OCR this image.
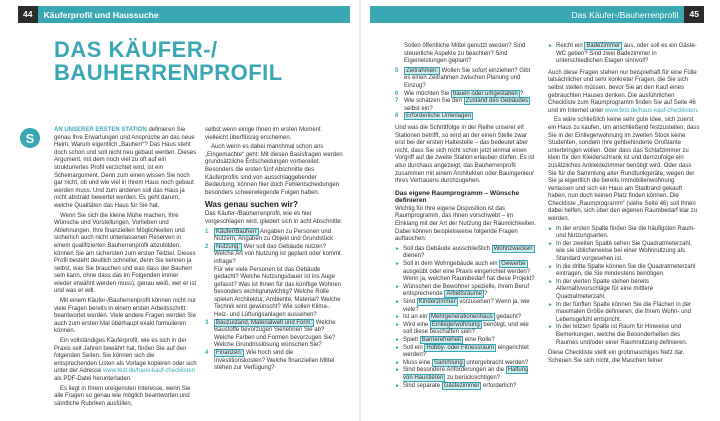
44	Käuferprofil und Haussuche	Das Käufer-/Bauherrenprofil	45
DAS KÄUFER-/
BAUHERRENPROFIL
S

AN UNSERER ERSTEN STATION definieren Sie genau Ihre Erwartungen und Ansprüche an das neue Heim. Warum eigentlich „Bauherr“? Das Haus steht doch schon und soll nicht neu gebaut werden. Dieses Argument, mit dem noch viel zu oft auf ein strukturiertes Profil verzichtet wird, ist ein Scheinargument. Denn zum einen wissen Sie noch gar nicht, ob und wie viel in Ihrem Haus noch gebaut werden muss. Und zum anderen soll das Haus ja nicht abstrakt bewertet werden. Es geht darum, welche Qualitäten das Haus für Sie hat.

Wenn Sie sich die kleine Mühe machen, Ihre Wünsche und Vorstellungen, Vorlieben und Ablehnungen, Ihre finanziellen Möglichkeiten und sicherlich auch nicht unterlassenen Reserven in einem qualifizierten Bauherrenprofil abzubilden, können Sie am sichersten zum ersten Teilziel. Dieses Profil besteht deutlich schneller, denn Sie kennen ja selbst, was Sie brauchen und was dass der Bauherr sein kann, ohne dass das im Folgenden immer wieder erwähnt werden muss), genau weiß, wer er ist und was er will.

Mit einem Käufer-/Bauherrenprofil können nicht nur viele Fragen bereits in einem ersten Arbeitsschritt beantwortet werden. Viele andere Fragen werden Sie auch zum ersten Mal überhaupt exakt formulieren können.

Ein vollständiges Käuferprofil, wie es sich in der Praxis seit Jahren bewährt hat, finden Sie auf den folgenden Seiten. Sie können sich die entsprechenden Listen als Vorlage kopieren oder sich unter der Adresse www.test.de/haus-kauf-checklisten als PDF-Datei herunterladen.

Es liegt in Ihrem ureigensten Interesse, wenn Sie alle Fragen so genau wie möglich beantworten und sämtliche Rubriken ausfüllen,

selbst wenn einige Ihnen im ersten Moment vielleicht überflüssig erscheinen.

Auch wenn es dabei manchmal schon ans „Eingemachte“ geht: Mit diesen Basisfragen werden grundsätzliche Entscheidungen vorbereitet. Besonders die ersten fünf Abschnitte des Käuferprofils sind von ausschlaggebender Bedeutung, können hier doch Fehlentscheidungen besonders schwerwiegende Folgen haben.

Was genau suchen wir?

Das Käufer-/Bauherrenprofil, wie es hier vorgeschlagen wird, gliedert sich in acht Abschnitte:

1 Käufer/Bauherr Angaben zu Personen und Nutzern, Angaben zu Objekt und Grundstück
2 Nutzung: Wer soll das Gebäude nutzen? Welche Art von Nutzung ist geplant oder kommt infrage?
Für wie viele Personen ist das Gebäude gedacht? Welche Nutzungsdauer ist ins Auge gefasst? Was ist Ihnen für das künftige Wohnen besonders wichtig/unwichtig? Welche Rolle spielen Architektur, Ambiente, Material? Welche Technik wird gewünscht? Wie sollen Klima-, Heiz- und Lüftungsanlagen aussehen?
3 Bauzustand, Materialwelt und Form: Welche Baustoffe bevorzugen Sie/lehnen Sie ab? Welche Farben und Formen bevorzugen Sie? Welche Grundrisslösung wünschen Sie?
4 Finanzen: Wie hoch sind die Investitionskosten? Welche finanziellen Mittel stehen zur Verfügung?

Sollen öffentliche Mittel genutzt werden? Sind steuerliche Aspekte zu beachten? Sind Eigenleistungen geplant?

5 Zeitrahmen: Wollen Sie sofort einziehen? Gibt es einen Zeitrahmen zwischen Planung und Einzug?
6 Wie möchten Sie bauen oder umgestalten ?
7 Wie schätzen Sie den Zustand des Gebäudes selbst ein?
8 Erforderliche Unterlagen

Und was die Schrittfolge in der Reihe unserer elf Stationen betrifft, so wird an der einen Stelle zwar erst bei der ersten Haltestelle – das bedeutet aber nicht, dass Sie sich nicht schon jetzt einmal einen Vorgriff auf die zweite Station erlauben dürfen. Es ist also durchaus angezeigt, das Bauherrenprofil zusammen mit einem Architekten oder Bauingenieur Ihres Vertrauens durchzugehen.

Das eigene Raumprogramm – Wünsche definieren

Wichtig für Ihre eigene Disposition ist das Raumprogramm, das Ihnen vorschwebt – im Einklang mit der Art der Nutzung der Räumlichkeiten. Dabei können beispielsweise folgende Fragen auftauchen:

► Soll das Gebäude ausschließlich Wohnzwecken dienen?
► Soll in dem Wohngebäude auch ein Gewerbe ausgeübt oder eine Praxis eingerichtet werden? Wenn ja, welchen Raumbedarf hat diese Projekt?
► Wünschen die Bewohner spezielle, ihrem Beruf entsprechende Arbeitsräume ?
► Sind Kinderzimmer vorzusehen? Wenn ja, wie viele?
► Ist an ein Mehrgenerationenhaus gedacht?
► Wird eine Einliegerwohnung benötigt, und wie soll diese beschaffen sein?
► Spielt Barrierefreiheit eine Rolle?
► Soll ein Hobby- oder Fitnessraum eingerichtet werden?
► Muss eine Sammlung untergebracht werden?
► Sind besondere Anforderungen an die Haltung von Haustieren zu berücksichtigen?
► Sind separate Gästezimmer erforderlich?
► Reicht ein Badezimmer aus, oder soll es ein Gäste-WC geben? Sind zwei Badezimmer in unterschiedlichen Etagen sinnvoll?

Auch diese Fragen stehen nur beispielhaft für eine Fülle tatsächlicher und sehr konkreter Fragen, die Sie sich selbst stellen müssen, bevor Sie an den Kauf eines gebrauchten Hauses denken. Die ausführlichen Checkliste zum Raumprogramm finden Sie auf Seite 46 und im Internet unter www.test.de/haus-kauf-checklisten.

Es wäre schließlich keine sehr gute Idee, sich zuerst ein Haus zu kaufen, um anschließend festzustellen, dass Sie in der Einliegerwohnung im zweiten Stock keine Studenten, sondern Ihre gehbehinderte Großtante unterbringen wollen. Oder dass das Schlafzimmer zu klein für den Kleiderschrank ist und demzufolge ein zusätzliches Ankleidezimmer benötigt wird. Oder dass Sie für die Sammlung alter Rundfunkgeräte, wegen der Sie ja eigentlich die bereits Immobilienwohnung verlassen und sich ein Haus am Stadtrand gekauft haben, nun doch keinen Platz finden können. Die Checkliste „Raumprogramm“ (siehe Seite 46) soll Ihnen dabei helfen, sich über den eigenen Raumbedarf klar zu werden.

► In der ersten Spalte finden Sie die häufigsten Raum- und Nutzungsarten.
► In der zweiten Spalte sehen Sie Quadratmeterzahl, wie sie üblicherweise bei einer Wohnnutzung als Standard vorgesehen ist.
► In die dritte Spalte können Sie die Quadratmeterzahl eintragen, die Sie mindestens benötigen.
► In der vierten Spalte stehen bereits Alternativvorschläge für eine mittlere Quadratmeterzahl.
► In der fünften Spalte können Sie die Flächen in der maximalen Größe definieren, die Ihrem Wohn- und Lebensgefühl entspricht.
► In der letzten Spalte ist Raum für Hinweise und Bemerkungen, welche die Besonderheiten des Raumes und/oder einer Raumnutzung definieren.

Diese Checkliste stellt ein grobmaschiges Netz dar. Scheuen Sie sich nicht, die Maschen feiner
